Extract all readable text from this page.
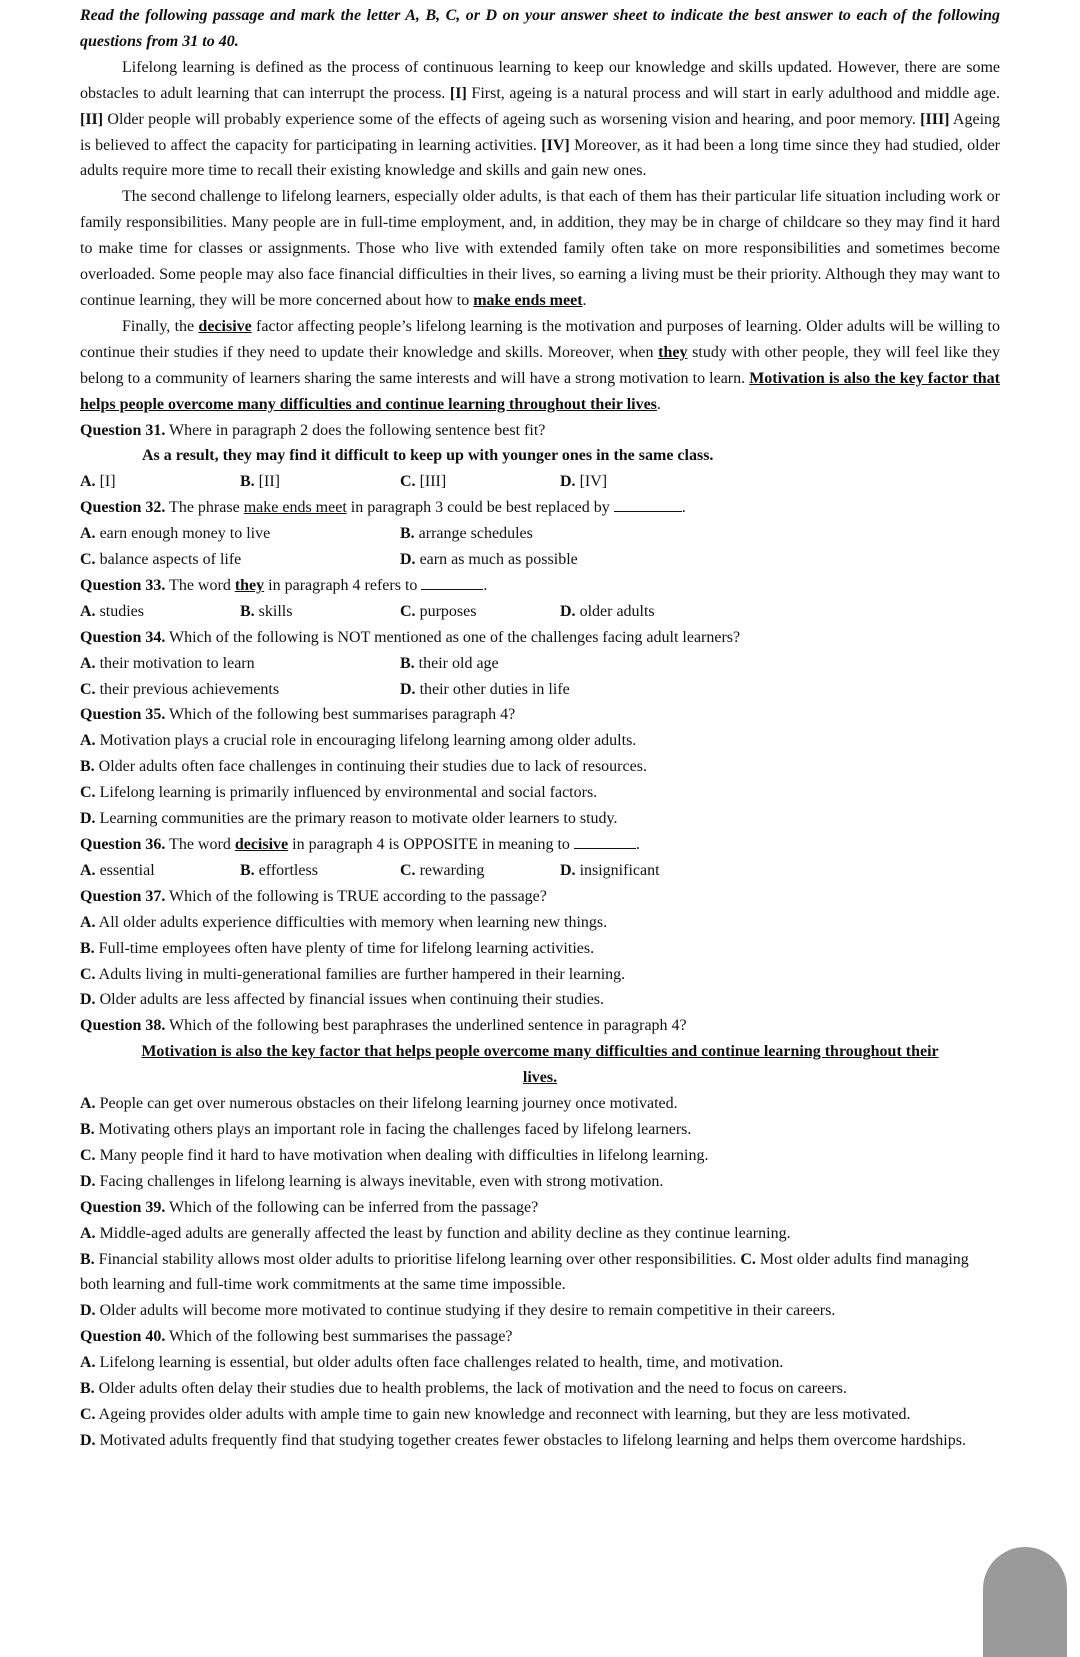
Read the following passage and mark the letter A, B, C, or D on your answer sheet to indicate the best answer to each of the following questions from 31 to 40.

Lifelong learning is defined as the process of continuous learning to keep our knowledge and skills updated. However, there are some obstacles to adult learning that can interrupt the process. [I] First, ageing is a natural process and will start in early adulthood and middle age. [II] Older people will probably experience some of the effects of ageing such as worsening vision and hearing, and poor memory. [III] Ageing is believed to affect the capacity for participating in learning activities. [IV] Moreover, as it had been a long time since they had studied, older adults require more time to recall their existing knowledge and skills and gain new ones.

The second challenge to lifelong learners, especially older adults, is that each of them has their particular life situation including work or family responsibilities. Many people are in full-time employment, and, in addition, they may be in charge of childcare so they may find it hard to make time for classes or assignments. Those who live with extended family often take on more responsibilities and sometimes become overloaded. Some people may also face financial difficulties in their lives, so earning a living must be their priority. Although they may want to continue learning, they will be more concerned about how to make ends meet.

Finally, the decisive factor affecting people’s lifelong learning is the motivation and purposes of learning. Older adults will be willing to continue their studies if they need to update their knowledge and skills. Moreover, when they study with other people, they will feel like they belong to a community of learners sharing the same interests and will have a strong motivation to learn. Motivation is also the key factor that helps people overcome many difficulties and continue learning throughout their lives.

Question 31. Where in paragraph 2 does the following sentence best fit?

As a result, they may find it difficult to keep up with younger ones in the same class.

A. [I]	B. [II]	C. [III]	D. [IV]

Question 32. The phrase make ends meet in paragraph 3 could be best replaced by	.

A. earn enough money to live	B. arrange schedules
C. balance aspects of life	D. earn as much as possible

Question 33. The word they in paragraph 4 refers to	.

A. studies	B. skills	C. purposes	D. older adults

Question 34. Which of the following is NOT mentioned as one of the challenges facing adult learners?

A. their motivation to learn	B. their old age
C. their previous achievements	D. their other duties in life

Question 35. Which of the following best summarises paragraph 4?

A. Motivation plays a crucial role in encouraging lifelong learning among older adults.

B. Older adults often face challenges in continuing their studies due to lack of resources.

C. Lifelong learning is primarily influenced by environmental and social factors.

D. Learning communities are the primary reason to motivate older learners to study.

Question 36. The word decisive in paragraph 4 is OPPOSITE in meaning to	.

A. essential	B. effortless	C. rewarding	D. insignificant

Question 37. Which of the following is TRUE according to the passage?

A. All older adults experience difficulties with memory when learning new things.

B. Full-time employees often have plenty of time for lifelong learning activities.

C. Adults living in multi-generational families are further hampered in their learning.

D. Older adults are less affected by financial issues when continuing their studies.

Question 38. Which of the following best paraphrases the underlined sentence in paragraph 4?

Motivation is also the key factor that helps people overcome many difficulties and continue learning throughout their

lives.

A. People can get over numerous obstacles on their lifelong learning journey once motivated.

B. Motivating others plays an important role in facing the challenges faced by lifelong learners.

C. Many people find it hard to have motivation when dealing with difficulties in lifelong learning.

D. Facing challenges in lifelong learning is always inevitable, even with strong motivation.

Question 39. Which of the following can be inferred from the passage?

A. Middle-aged adults are generally affected the least by function and ability decline as they continue learning.

B. Financial stability allows most older adults to prioritise lifelong learning over other responsibilities. C. Most older adults find managing both learning and full-time work commitments at the same time impossible.

D. Older adults will become more motivated to continue studying if they desire to remain competitive in their careers.

Question 40. Which of the following best summarises the passage?

A. Lifelong learning is essential, but older adults often face challenges related to health, time, and motivation.

B. Older adults often delay their studies due to health problems, the lack of motivation and the need to focus on careers.

C. Ageing provides older adults with ample time to gain new knowledge and reconnect with learning, but they are less motivated.

D. Motivated adults frequently find that studying together creates fewer obstacles to lifelong learning and helps them overcome hardships.
